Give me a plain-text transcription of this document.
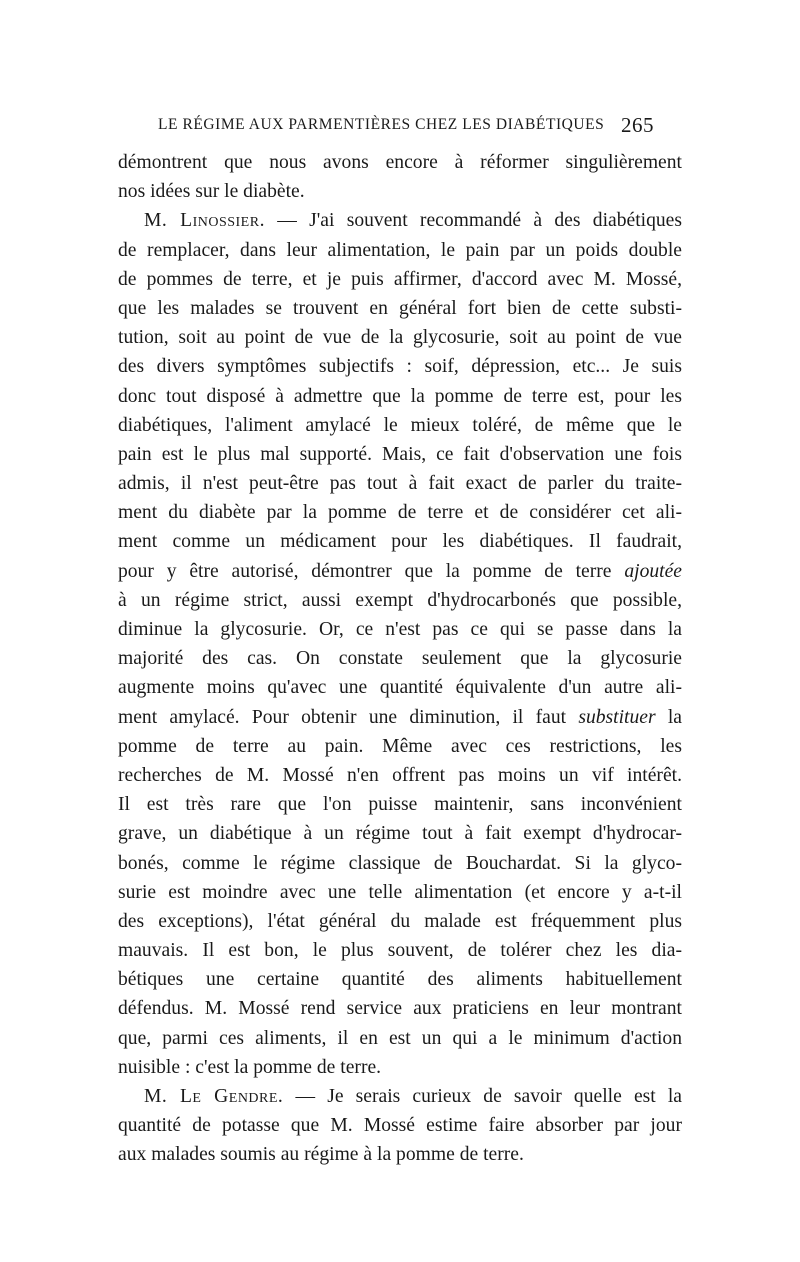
LE RÉGIME AUX PARMENTIÈRES CHEZ LES DIABÉTIQUES 265
démontrent que nous avons encore à réformer singulièrement
nos idées sur le diabète.
M. Linossier. — J'ai souvent recommandé à des diabétiques
de remplacer, dans leur alimentation, le pain par un poids double
de pommes de terre, et je puis affirmer, d'accord avec M. Mossé,
que les malades se trouvent en général fort bien de cette substi-
tution, soit au point de vue de la glycosurie, soit au point de vue
des divers symptômes subjectifs : soif, dépression, etc... Je suis
donc tout disposé à admettre que la pomme de terre est, pour les
diabétiques, l'aliment amylacé le mieux toléré, de même que le
pain est le plus mal supporté. Mais, ce fait d'observation une fois
admis, il n'est peut-être pas tout à fait exact de parler du traite-
ment du diabète par la pomme de terre et de considérer cet ali-
ment comme un médicament pour les diabétiques. Il faudrait,
pour y être autorisé, démontrer que la pomme de terre ajoutée
à un régime strict, aussi exempt d'hydrocarbonés que possible,
diminue la glycosurie. Or, ce n'est pas ce qui se passe dans la
majorité des cas. On constate seulement que la glycosurie
augmente moins qu'avec une quantité équivalente d'un autre ali-
ment amylacé. Pour obtenir une diminution, il faut substituer la
pomme de terre au pain. Même avec ces restrictions, les
recherches de M. Mossé n'en offrent pas moins un vif intérêt.
Il est très rare que l'on puisse maintenir, sans inconvénient
grave, un diabétique à un régime tout à fait exempt d'hydrocar-
bonés, comme le régime classique de Bouchardat. Si la glyco-
surie est moindre avec une telle alimentation (et encore y a-t-il
des exceptions), l'état général du malade est fréquemment plus
mauvais. Il est bon, le plus souvent, de tolérer chez les dia-
bétiques une certaine quantité des aliments habituellement
défendus. M. Mossé rend service aux praticiens en leur montrant
que, parmi ces aliments, il en est un qui a le minimum d'action
nuisible : c'est la pomme de terre.
M. Le Gendre. — Je serais curieux de savoir quelle est la
quantité de potasse que M. Mossé estime faire absorber par jour
aux malades soumis au régime à la pomme de terre.
